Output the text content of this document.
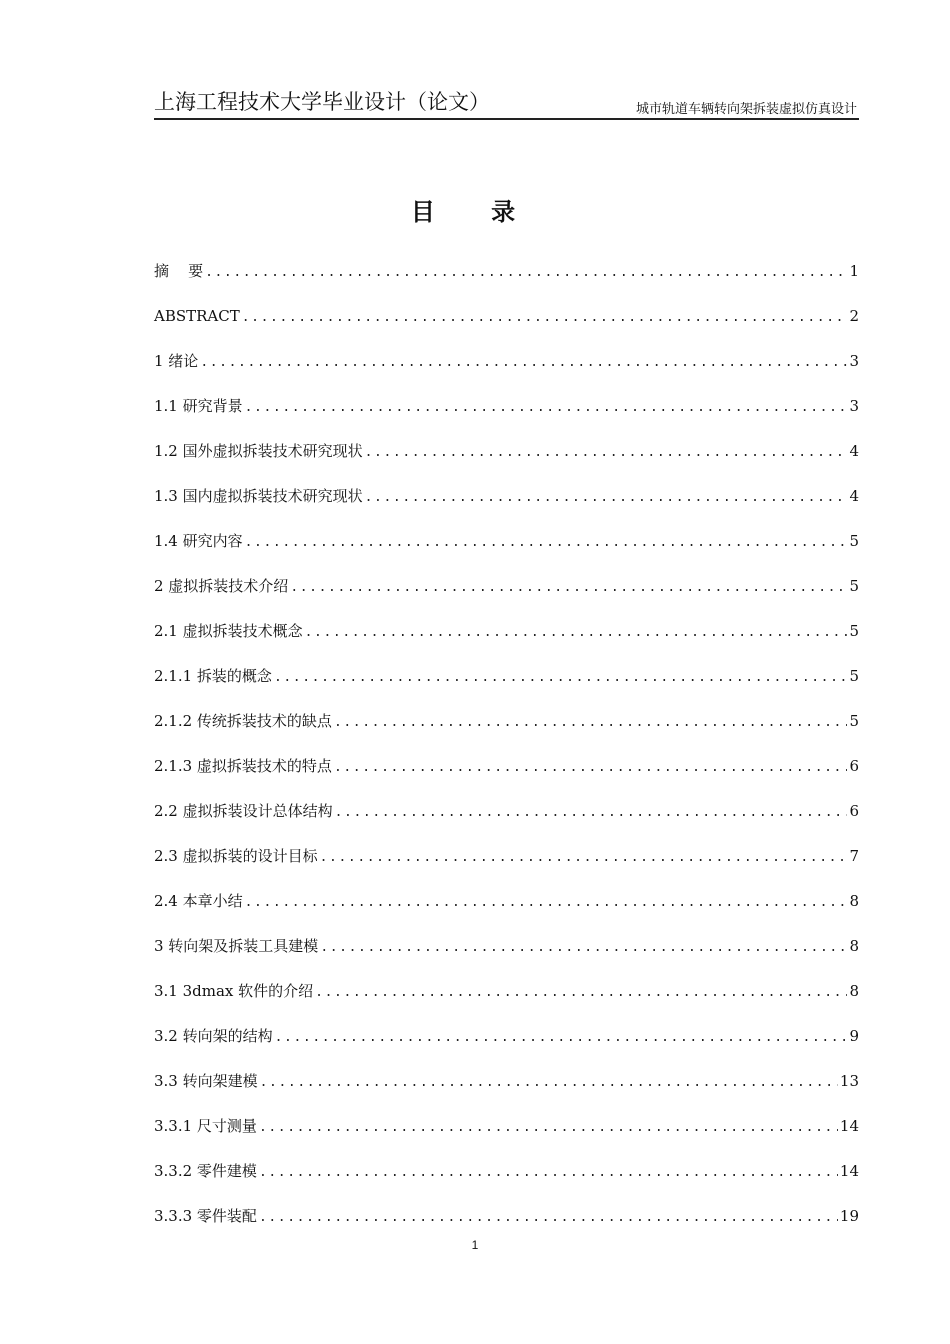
上海工程技术大学毕业设计（论文）	城市轨道车辆转向架拆装虚拟仿真设计
目 录
摘    要 .....	1
ABSTRACT .....	2
1 绪论 .....	3
1.1 研究背景 .....	3
1.2 国外虚拟拆装技术研究现状 .....	4
1.3 国内虚拟拆装技术研究现状 .....	4
1.4 研究内容 .....	5
2 虚拟拆装技术介绍 .....	5
2.1 虚拟拆装技术概念 .....	5
2.1.1 拆装的概念 .....	5
2.1.2 传统拆装技术的缺点 .....	5
2.1.3 虚拟拆装技术的特点 .....	6
2.2 虚拟拆装设计总体结构 .....	6
2.3 虚拟拆装的设计目标 .....	7
2.4 本章小结 .....	8
3 转向架及拆装工具建模 .....	8
3.1 3dmax 软件的介绍 .....	8
3.2 转向架的结构 .....	9
3.3 转向架建模 .....	13
3.3.1 尺寸测量 .....	14
3.3.2 零件建模 .....	14
3.3.3 零件装配 .....	19
1
